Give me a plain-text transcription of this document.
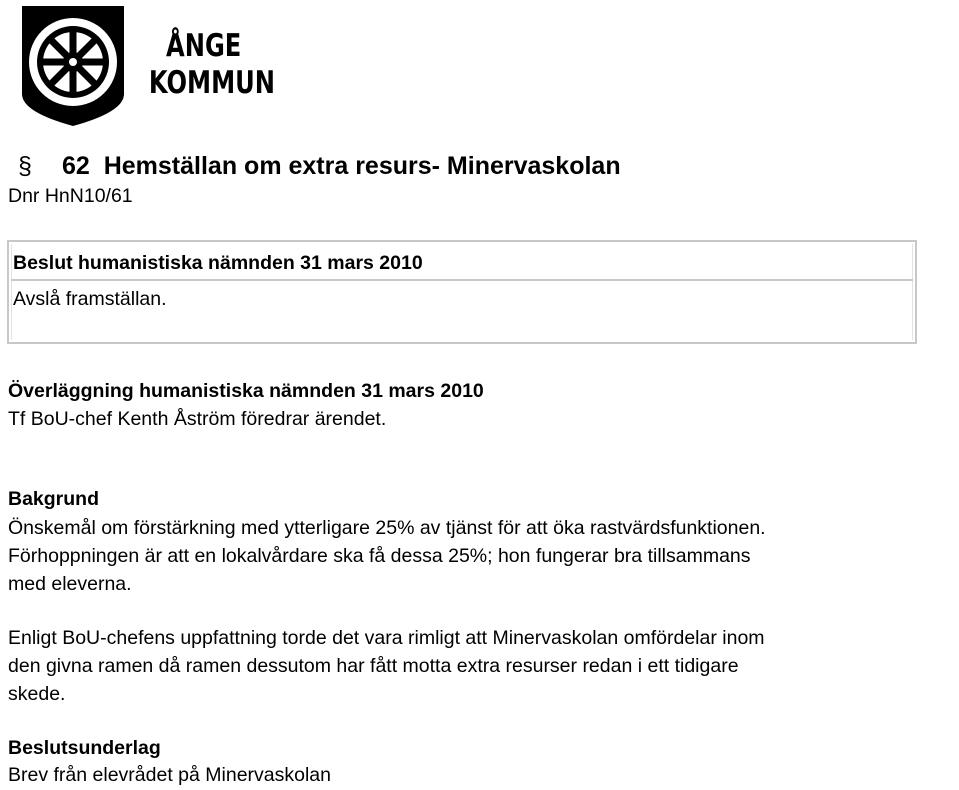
ÅNGE
KOMMUN
§ 62 Hemställan om extra resurs- Minervaskolan
Dnr HnN10/61
Beslut humanistiska nämnden 31 mars 2010
Avslå framställan.
Överläggning humanistiska nämnden 31 mars 2010
Tf BoU-chef Kenth Åström föredrar ärendet.
Bakgrund
Önskemål om förstärkning med ytterligare 25% av tjänst för att öka rastvärdsfunktionen.
Förhoppningen är att en lokalvårdare ska få dessa 25%; hon fungerar bra tillsammans
med eleverna.
Enligt BoU-chefens uppfattning torde det vara rimligt att Minervaskolan omfördelar inom
den givna ramen då ramen dessutom har fått motta extra resurser redan i ett tidigare
skede.
Beslutsunderlag
Brev från elevrådet på Minervaskolan
